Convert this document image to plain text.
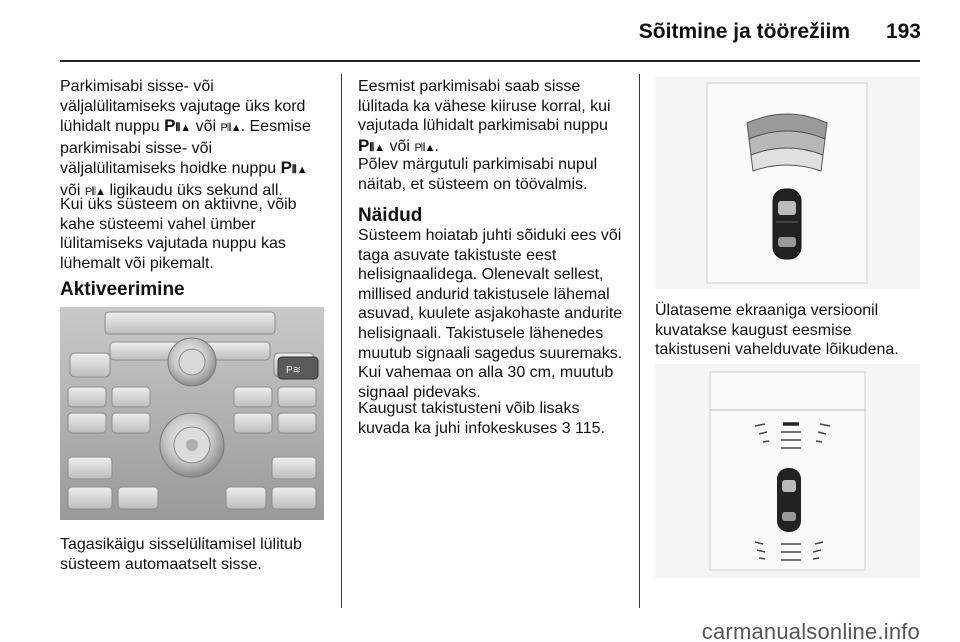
Sõitmine ja töörežiim 193
Parkimisabi sisse- või
väljalülitamiseks vajutage üks kord
lühidalt nuppu P⦀▲ või P⦀▲. Eesmise
parkimisabi sisse- või
väljalülitamiseks hoidke nuppu P⦀▲
või P⦀▲ ligikaudu üks sekund all.
Kui üks süsteem on aktiivne, võib
kahe süsteemi vahel ümber
lülitamiseks vajutada nuppu kas
lühemalt või pikemalt.
Aktiveerimine
P≋
Tagasikäigu sisselülitamisel lülitub
süsteem automaatselt sisse.
Eesmist parkimisabi saab sisse
lülitada ka vähese kiiruse korral, kui
vajutada lühidalt parkimisabi nuppu
P⦀▲ või P⦀▲.
Põlev märgutuli parkimisabi nupul
näitab, et süsteem on töövalmis.
Näidud
Süsteem hoiatab juhti sõiduki ees või
taga asuvate takistuste eest
helisignaalidega. Olenevalt sellest,
millised andurid takistusele lähemal
asuvad, kuulete asjakohaste andurite
helisignaali. Takistusele lähenedes
muutub signaali sagedus suuremaks.
Kui vahemaa on alla 30 cm, muutub
signaal pidevaks.
Kaugust takistusteni võib lisaks
kuvada ka juhi infokeskuses 3 115.
Ülataseme ekraaniga versioonil
kuvatakse kaugust eesmise
takistuseni vahelduvate lõikudena.
carmanualsonline.info
